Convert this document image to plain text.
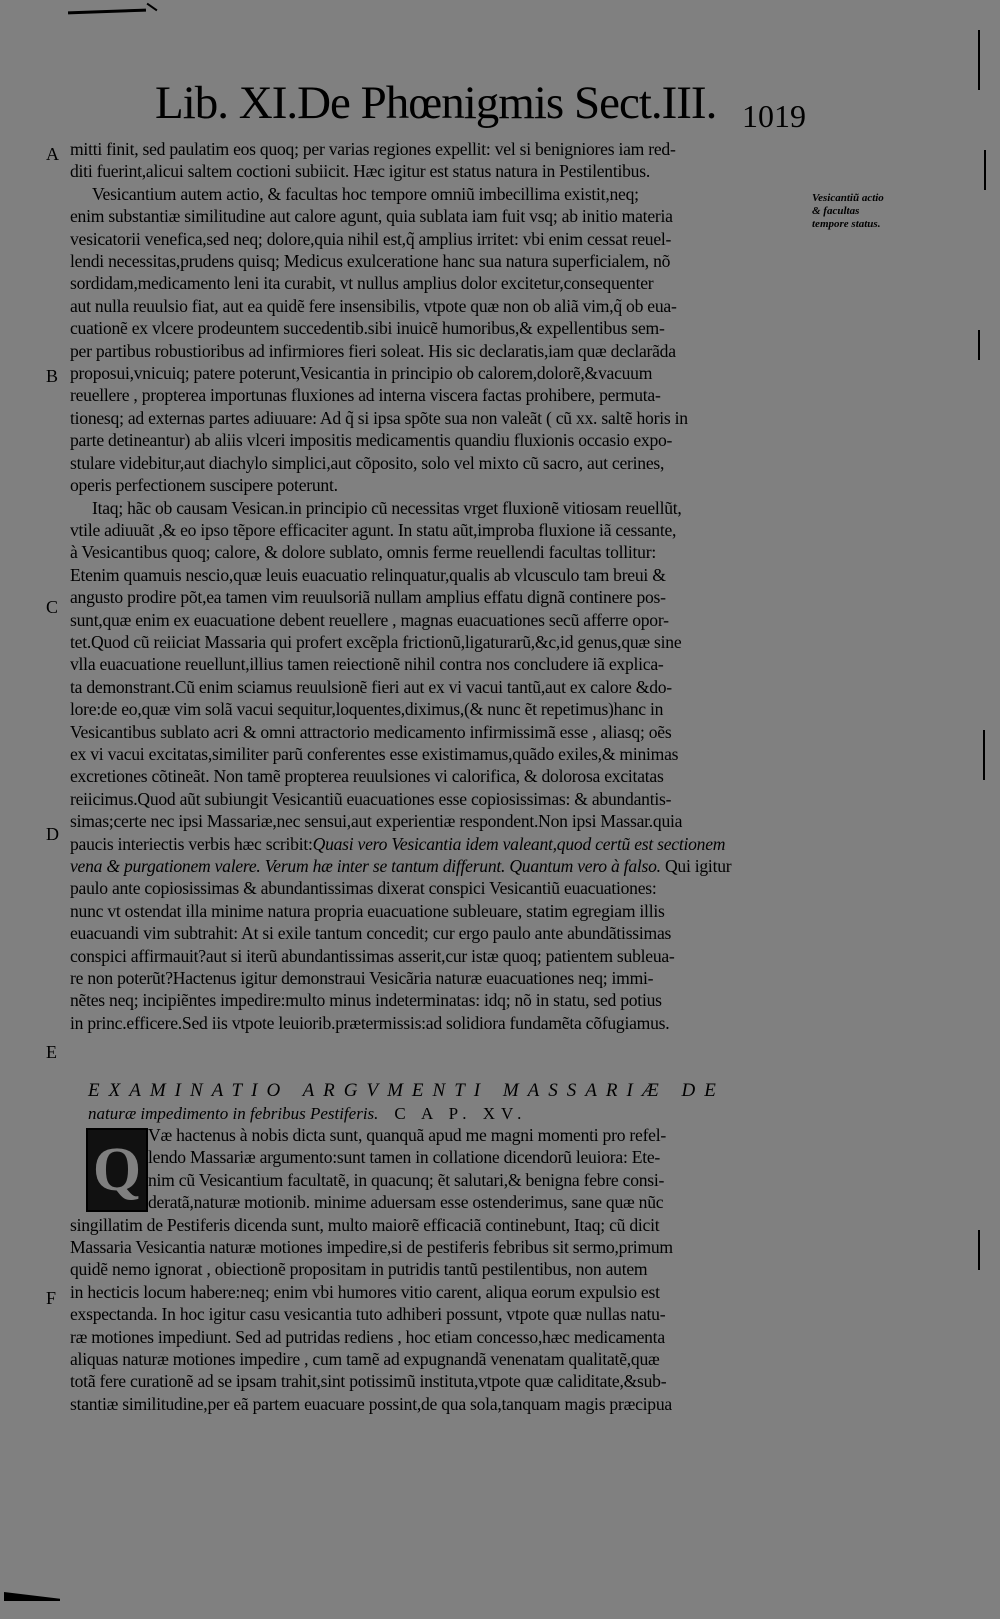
Lib. XI.De Phœnigmis Sect.III. 1019
A
B
C
D
E
F
Vesicantiũ actio & facultas tempore status.
mitti finit, sed paulatim eos quoq; per varias regiones expellit: vel si benigniores iam red-
diti fuerint,alicui saltem coctioni subiicit. Hæc igitur est status natura in Pestilentibus.
Vesicantium autem actio, & facultas hoc tempore omniũ imbecillima existit,neq;
enim substantiæ similitudine aut calore agunt, quia sublata iam fuit vsq; ab initio materia
vesicatorii venefica,sed neq; dolore,quia nihil est,q̃ amplius irritet: vbi enim cessat reuel-
lendi necessitas,prudens quisq; Medicus exulceratione hanc sua natura superficialem, nõ
sordidam,medicamento leni ita curabit, vt nullus amplius dolor excitetur,consequenter
aut nulla reuulsio fiat, aut ea quidẽ fere insensibilis, vtpote quæ non ob aliã vim,q̃ ob eua-
cuationẽ ex vlcere prodeuntem succedentib.sibi inuicẽ humoribus,& expellentibus sem-
per partibus robustioribus ad infirmiores fieri soleat. His sic declaratis,iam quæ declarãda
proposui,vnicuiq; patere poterunt,Vesicantia in principio ob calorem,dolorẽ,&vacuum
reuellere , propterea importunas fluxiones ad interna viscera factas prohibere, permuta-
tionesq; ad externas partes adiuuare: Ad q̃ si ipsa spõte sua non valeãt ( cũ xx. saltẽ horis in
parte detineantur) ab aliis vlceri impositis medicamentis quandiu fluxionis occasio expo-
stulare videbitur,aut diachylo simplici,aut cõposito, solo vel mixto cũ sacro, aut cerines,
operis perfectionem suscipere poterunt.
Itaq; hãc ob causam Vesican.in principio cũ necessitas vrget fluxionẽ vitiosam reuellũt,
vtile adiuuãt ,& eo ipso tẽpore efficaciter agunt. In statu aũt,improba fluxione iã cessante,
à Vesicantibus quoq; calore, & dolore sublato, omnis ferme reuellendi facultas tollitur:
Etenim quamuis nescio,quæ leuis euacuatio relinquatur,qualis ab vlcusculo tam breui &
angusto prodire põt,ea tamen vim reuulsoriã nullam amplius effatu dignã continere pos-
sunt,quæ enim ex euacuatione debent reuellere , magnas euacuationes secũ afferre opor-
tet.Quod cũ reiiciat Massaria qui profert excẽpla frictionũ,ligaturarũ,&c,id genus,quæ sine
vlla euacuatione reuellunt,illius tamen reiectionẽ nihil contra nos concludere iã explica-
ta demonstrant.Cũ enim sciamus reuulsionẽ fieri aut ex vi vacui tantũ,aut ex calore &do-
lore:de eo,quæ vim solã vacui sequitur,loquentes,diximus,(& nunc ẽt repetimus)hanc in
Vesicantibus sublato acri & omni attractorio medicamento infirmissimã esse , aliasq; oẽs
ex vi vacui excitatas,similiter parũ conferentes esse existimamus,quãdo exiles,& minimas
excretiones cõtineãt. Non tamẽ propterea reuulsiones vi calorifica, & dolorosa excitatas
reiicimus.Quod aũt subiungit Vesicantiũ euacuationes esse copiosissimas: & abundantis-
simas;certe nec ipsi Massariæ,nec sensui,aut experientiæ respondent.Non ipsi Massar.quia
paucis interiectis verbis hæc scribit:Quasi vero Vesicantia idem valeant,quod certũ est sectionem
vena & purgationem valere. Verum hæ inter se tantum differunt. Quantum vero à falso. Qui igitur
paulo ante copiosissimas & abundantissimas dixerat conspici Vesicantiũ euacuationes:
nunc vt ostendat illa minime natura propria euacuatione subleuare, statim egregiam illis
euacuandi vim subtrahit: At si exile tantum concedit; cur ergo paulo ante abundãtissimas
conspici affirmauit?aut si iterũ abundantissimas asserit,cur istæ quoq; patientem subleua-
re non poterũt?Hactenus igitur demonstraui Vesicãria naturæ euacuationes neq; immi-
nẽtes neq; incipiẽntes impedire:multo minus indeterminatas: idq; nõ in statu, sed potius
in princ.efficere.Sed iis vtpote leuiorib.prætermissis:ad solidiora fundamẽta cõfugiamus.
EXAMINATIO ARGVMENTI MASSARIÆ DE
naturæ impedimento in febribus Pestiferis. C A P. XV.
Q
Væ hactenus à nobis dicta sunt, quanquã apud me magni momenti pro refel-
lendo Massariæ argumento:sunt tamen in collatione dicendorũ leuiora: Ete-
nim cũ Vesicantium facultatẽ, in quacunq; ẽt salutari,& benigna febre consi-
deratã,naturæ motionib. minime aduersam esse ostenderimus, sane quæ nũc
singillatim de Pestiferis dicenda sunt, multo maiorẽ efficaciã continebunt, Itaq; cũ dicit
Massaria Vesicantia naturæ motiones impedire,si de pestiferis febribus sit sermo,primum
quidẽ nemo ignorat , obiectionẽ propositam in putridis tantũ pestilentibus, non autem
in hecticis locum habere:neq; enim vbi humores vitio carent, aliqua eorum expulsio est
exspectanda. In hoc igitur casu vesicantia tuto adhiberi possunt, vtpote quæ nullas natu-
ræ motiones impediunt. Sed ad putridas rediens , hoc etiam concesso,hæc medicamenta
aliquas naturæ motiones impedire , cum tamẽ ad expugnandã venenatam qualitatẽ,quæ
totã fere curationẽ ad se ipsam trahit,sint potissimũ instituta,vtpote quæ caliditate,&sub-
stantiæ similitudine,per eã partem euacuare possint,de qua sola,tanquam magis præcipua
